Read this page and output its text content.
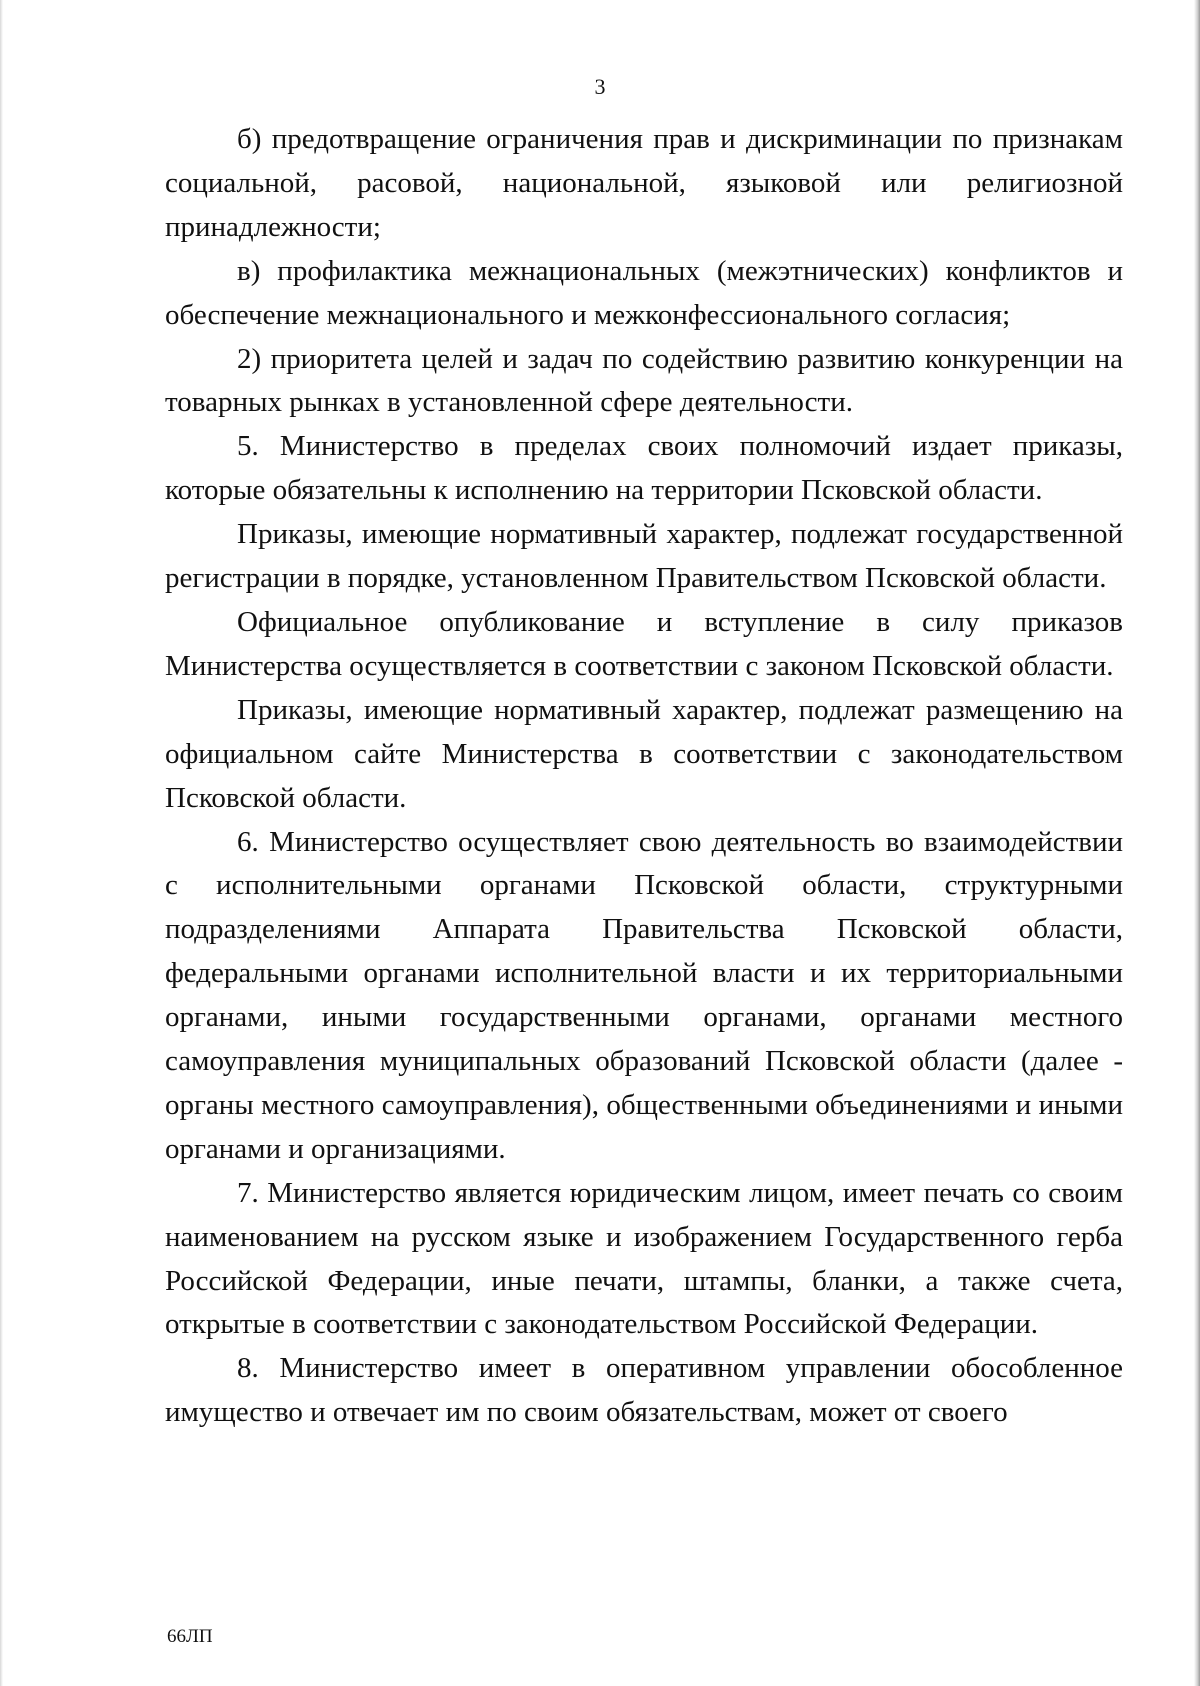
3

б) предотвращение ограничения прав и дискриминации по признакам социальной, расовой, национальной, языковой или религиозной принадлежности;

в) профилактика межнациональных (межэтнических) конфликтов и обеспечение межнационального и межконфессионального согласия;

2) приоритета целей и задач по содействию развитию конкуренции на товарных рынках в установленной сфере деятельности.

5. Министерство в пределах своих полномочий издает приказы, которые обязательны к исполнению на территории Псковской области.

Приказы, имеющие нормативный характер, подлежат государственной регистрации в порядке, установленном Правительством Псковской области.

Официальное опубликование и вступление в силу приказов Министерства осуществляется в соответствии с законом Псковской области.

Приказы, имеющие нормативный характер, подлежат размещению на официальном сайте Министерства в соответствии с законодательством Псковской области.

6. Министерство осуществляет свою деятельность во взаимодействии с исполнительными органами Псковской области, структурными подразделениями Аппарата Правительства Псковской области, федеральными органами исполнительной власти и их территориальными органами, иными государственными органами, органами местного самоуправления муниципальных образований Псковской области (далее - органы местного самоуправления), общественными объединениями и иными органами и организациями.

7. Министерство является юридическим лицом, имеет печать со своим наименованием на русском языке и изображением Государственного герба Российской Федерации, иные печати, штампы, бланки, а также счета, открытые в соответствии с законодательством Российской Федерации.

8. Министерство имеет в оперативном управлении обособленное имущество и отвечает им по своим обязательствам, может от своего

66ЛП
